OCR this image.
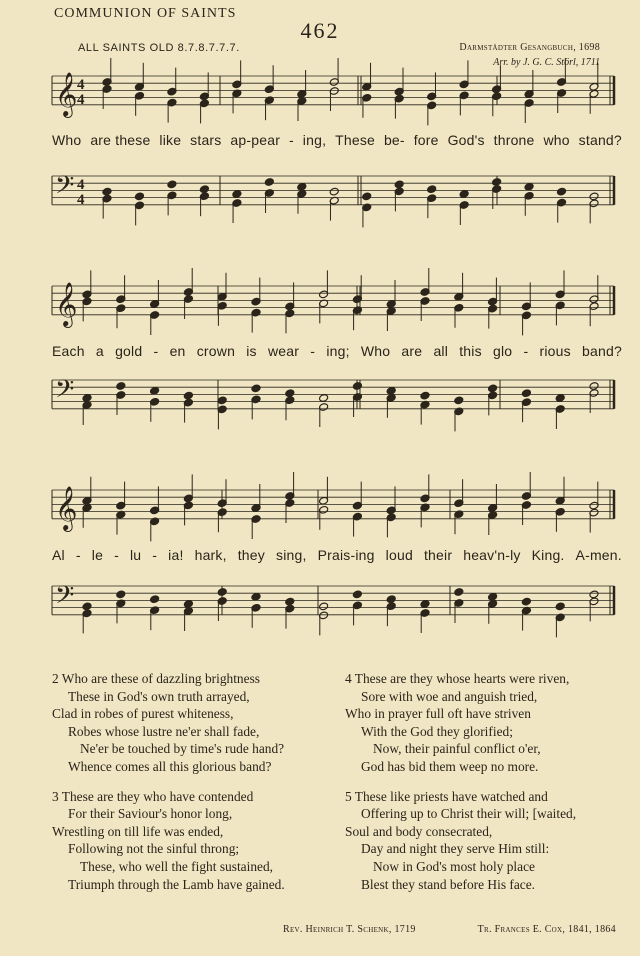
COMMUNION OF SAINTS
462
ALL SAINTS OLD 8.7.8.7.7.7.	Darmstädter Gesangbuch, 1698
Arr. by J. G. C. Störl, 1711
𝄞 4
4
𝄢 4
4
𝄞
𝄢
𝄞
𝄢
Who are these like stars ap-pear - ing, These be- fore God's throne who stand?
Each a gold - en crown is wear - ing; Who are all this glo - rious band?
Al - le - lu - ia! hark, they sing, Prais-ing loud their heav'n-ly King. A-men.
2 Who are these of dazzling brightness
These in God's own truth arrayed,
Clad in robes of purest whiteness,
Robes whose lustre ne'er shall fade,
Ne'er be touched by time's rude hand?
Whence comes all this glorious band?
3 These are they who have contended
For their Saviour's honor long,
Wrestling on till life was ended,
Following not the sinful throng;
These, who well the fight sustained,
Triumph through the Lamb have gained.
4 These are they whose hearts were riven,
Sore with woe and anguish tried,
Who in prayer full oft have striven
With the God they glorified;
Now, their painful conflict o'er,
God has bid them weep no more.
5 These like priests have watched and
Offering up to Christ their will; [waited,
Soul and body consecrated,
Day and night they serve Him still:
Now in God's most holy place
Blest they stand before His face.
Rev. Heinrich T. Schenk, 1719	Tr. Frances E. Cox, 1841, 1864
